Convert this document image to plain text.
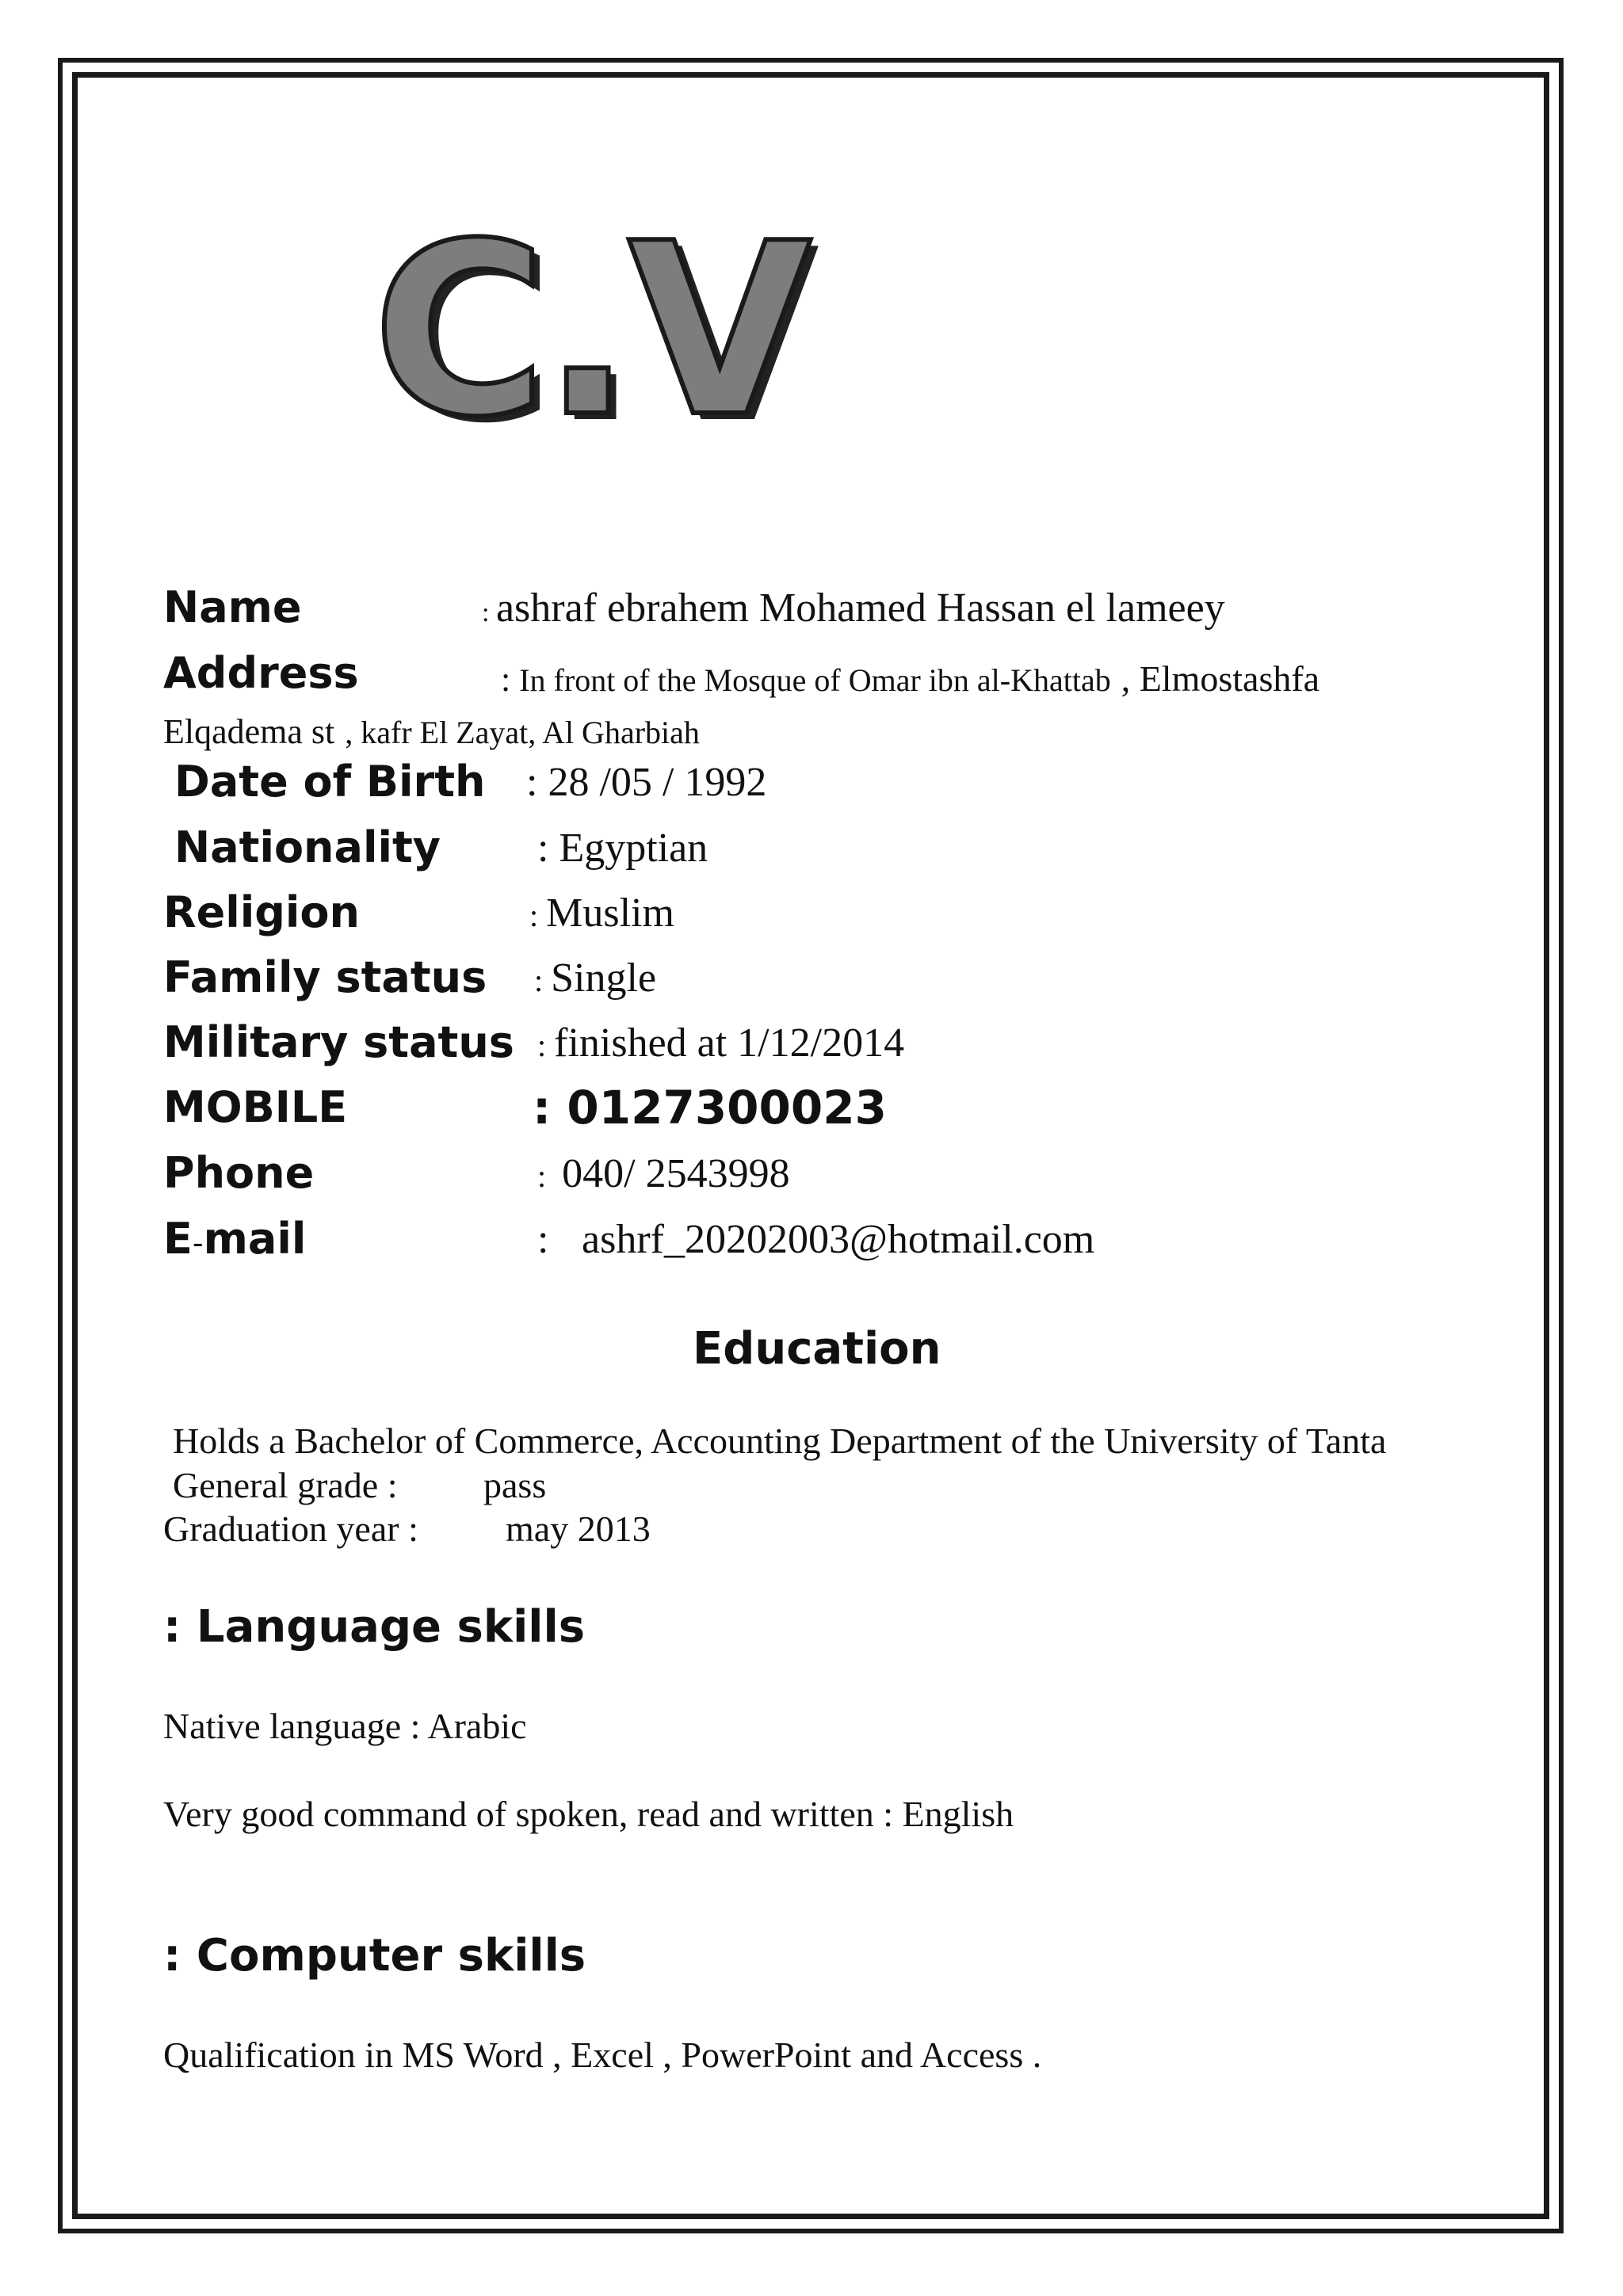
C.V
Name	: ashraf ebrahem Mohamed Hassan el lameey
Address	: In front of the Mosque of Omar ibn al-Khattab , Elmostashfa
Elqadema st , kafr El Zayat, Al Gharbiah
Date of Birth : 28 /05 / 1992
Nationality : Egyptian
Religion	: Muslim
Family status : Single
Military status : finished at 1/12/2014
MOBILE	: 0127300023
Phone	:  040/ 2543998
E-mail	: ashrf_20202003@hotmail.com
Education
Holds a Bachelor of Commerce, Accounting Department of the University of Tanta
General grade : pass
Graduation year : may 2013
: Language skills
Native language : Arabic
Very good command of spoken, read and written : English
: Computer skills
Qualification in MS Word , Excel , PowerPoint and Access .
